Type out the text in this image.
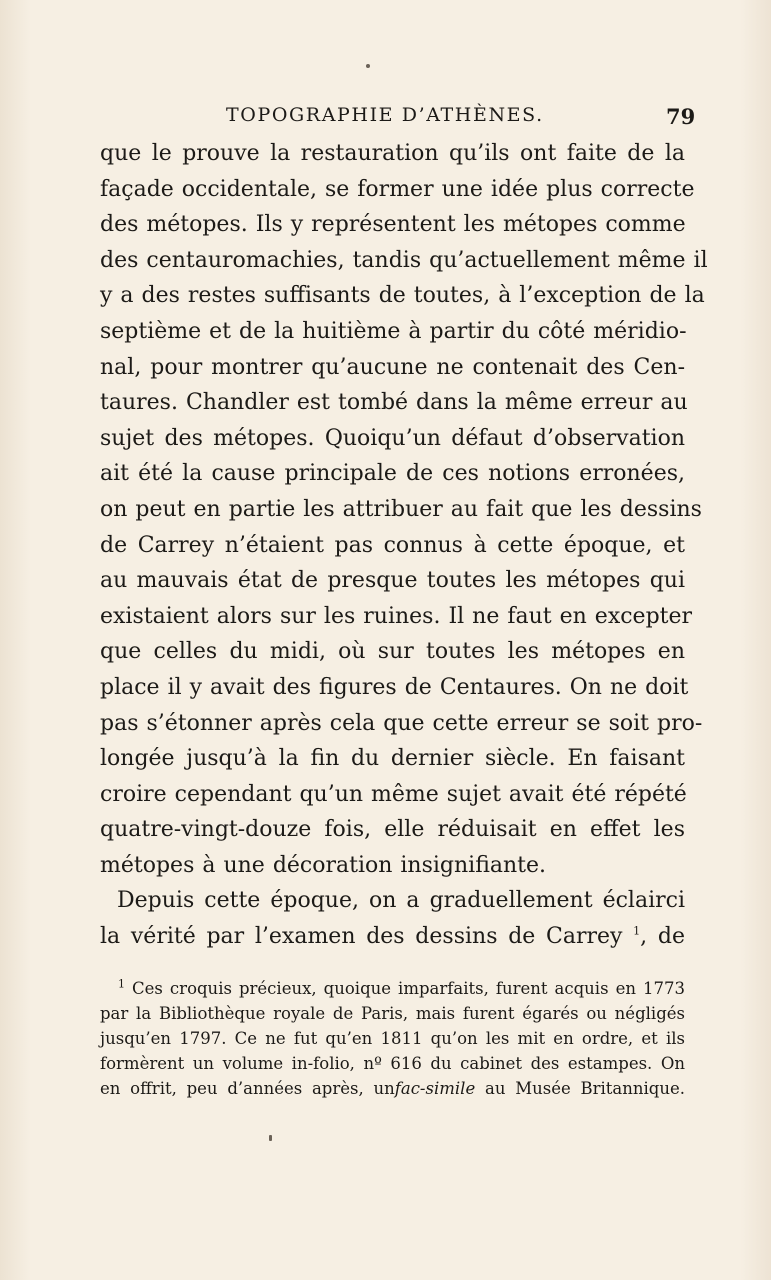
TOPOGRAPHIE D’ATHÈNES.	79
que le prouve la restauration qu’ils ont faite de la
façade occidentale, se former une idée plus correcte
des métopes. Ils y représentent les métopes comme
des centauromachies, tandis qu’actuellement même il
y a des restes suffisants de toutes, à l’exception de la
septième et de la huitième à partir du côté méridio-
nal, pour montrer qu’aucune ne contenait des Cen-
taures. Chandler est tombé dans la même erreur au
sujet des métopes. Quoiqu’un défaut d’observation
ait été la cause principale de ces notions erronées,
on peut en partie les attribuer au fait que les dessins
de Carrey n’étaient pas connus à cette époque, et
au mauvais état de presque toutes les métopes qui
existaient alors sur les ruines. Il ne faut en excepter
que celles du midi, où sur toutes les métopes en
place il y avait des figures de Centaures. On ne doit
pas s’étonner après cela que cette erreur se soit pro-
longée jusqu’à la fin du dernier siècle. En faisant
croire cependant qu’un même sujet avait été répété
quatre-vingt-douze fois, elle réduisait en effet les
métopes à une décoration insignifiante.
Depuis cette époque, on a graduellement éclairci
la vérité par l’examen des dessins de Carrey $^1$, de
$^1$ Ces croquis précieux, quoique imparfaits, furent acquis en 1773
par la Bibliothèque royale de Paris, mais furent égarés ou négligés
jusqu’en 1797. Ce ne fut qu’en 1811 qu’on les mit en ordre, et ils
formèrent un volume in-folio, nº 616 du cabinet des estampes. On
en offrit, peu d’années après, unfac-simile au Musée Britannique.
